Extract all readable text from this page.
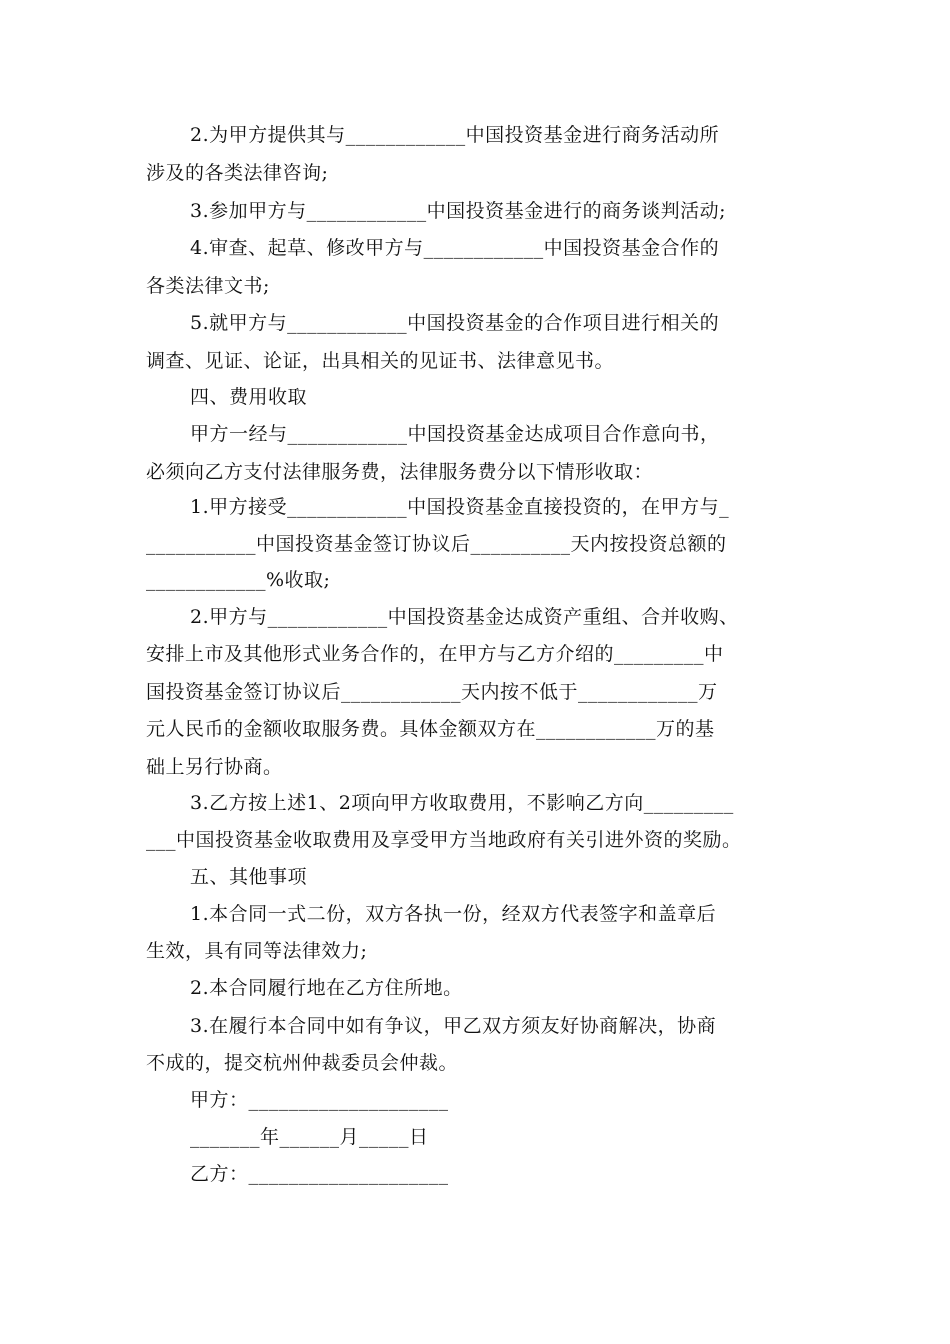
2.为甲方提供其与____________中国投资基金进行商务活动所
涉及的各类法律咨询;
3.参加甲方与____________中国投资基金进行的商务谈判活动;
4.审查、起草、修改甲方与____________中国投资基金合作的
各类法律文书;
5.就甲方与____________中国投资基金的合作项目进行相关的
调查、见证、论证，出具相关的见证书、法律意见书。
四、费用收取
甲方一经与____________中国投资基金达成项目合作意向书，
必须向乙方支付法律服务费，法律服务费分以下情形收取：
1.甲方接受____________中国投资基金直接投资的，在甲方与_
___________中国投资基金签订协议后__________天内按投资总额的
____________%收取;
2.甲方与____________中国投资基金达成资产重组、合并收购、
安排上市及其他形式业务合作的，在甲方与乙方介绍的_________中
国投资基金签订协议后____________天内按不低于____________万
元人民币的金额收取服务费。具体金额双方在____________万的基
础上另行协商。
3.乙方按上述1、2项向甲方收取费用，不影响乙方向_________
___中国投资基金收取费用及享受甲方当地政府有关引进外资的奖励。
五、其他事项
1.本合同一式二份，双方各执一份，经双方代表签字和盖章后
生效，具有同等法律效力;
2.本合同履行地在乙方住所地。
3.在履行本合同中如有争议，甲乙双方须友好协商解决，协商
不成的，提交杭州仲裁委员会仲裁。
甲方：____________________
_______年______月_____日
乙方：____________________
